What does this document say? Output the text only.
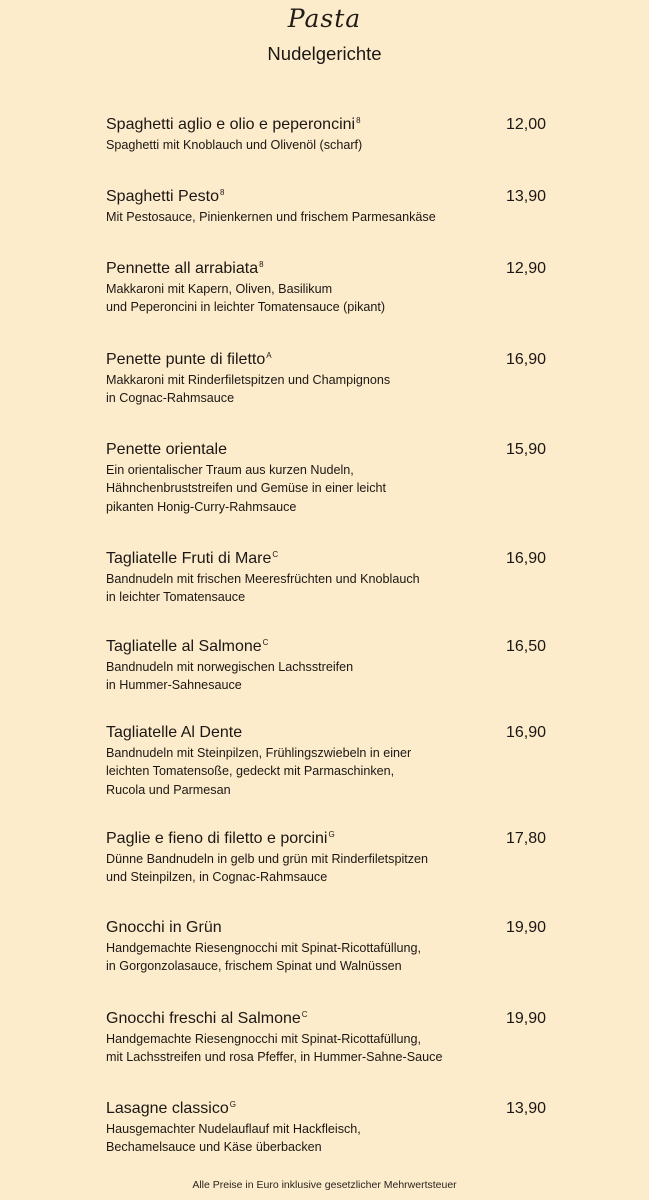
Pasta
Nudelgerichte
Spaghetti aglio e olio e peperoncini$^8$	12,00
Spaghetti mit Knoblauch und Olivenöl (scharf)
Spaghetti Pesto$^8$	13,90
Mit Pestosauce, Pinienkernen und frischem Parmesankäse
Pennette all arrabiata$^8$	12,90
Makkaroni mit Kapern, Oliven, Basilikum
und Peperoncini in leichter Tomatensauce (pikant)
Penette punte di filetto$^A$	16,90
Makkaroni mit Rinderfiletspitzen und Champignons
in Cognac-Rahmsauce
Penette orientale	15,90
Ein orientalischer Traum aus kurzen Nudeln,
Hähnchenbruststreifen und Gemüse in einer leicht
pikanten Honig-Curry-Rahmsauce
Tagliatelle Fruti di Mare$^C$	16,90
Bandnudeln mit frischen Meeresfrüchten und Knoblauch
in leichter Tomatensauce
Tagliatelle al Salmone$^C$	16,50
Bandnudeln mit norwegischen Lachsstreifen
in Hummer-Sahnesauce
Tagliatelle Al Dente	16,90
Bandnudeln mit Steinpilzen, Frühlingszwiebeln in einer
leichten Tomatensoße, gedeckt mit Parmaschinken,
Rucola und Parmesan
Paglie e fieno di filetto e porcini$^G$	17,80
Dünne Bandnudeln in gelb und grün mit Rinderfiletspitzen
und Steinpilzen, in Cognac-Rahmsauce
Gnocchi in Grün	19,90
Handgemachte Riesengnocchi mit Spinat-Ricottafüllung,
in Gorgonzolasauce, frischem Spinat und Walnüssen
Gnocchi freschi al Salmone$^C$	19,90
Handgemachte Riesengnocchi mit Spinat-Ricottafüllung,
mit Lachsstreifen und rosa Pfeffer, in Hummer-Sahne-Sauce
Lasagne classico$^G$	13,90
Hausgemachter Nudelauflauf mit Hackfleisch,
Bechamelsauce und Käse überbacken
Alle Preise in Euro inklusive gesetzlicher Mehrwertsteuer
